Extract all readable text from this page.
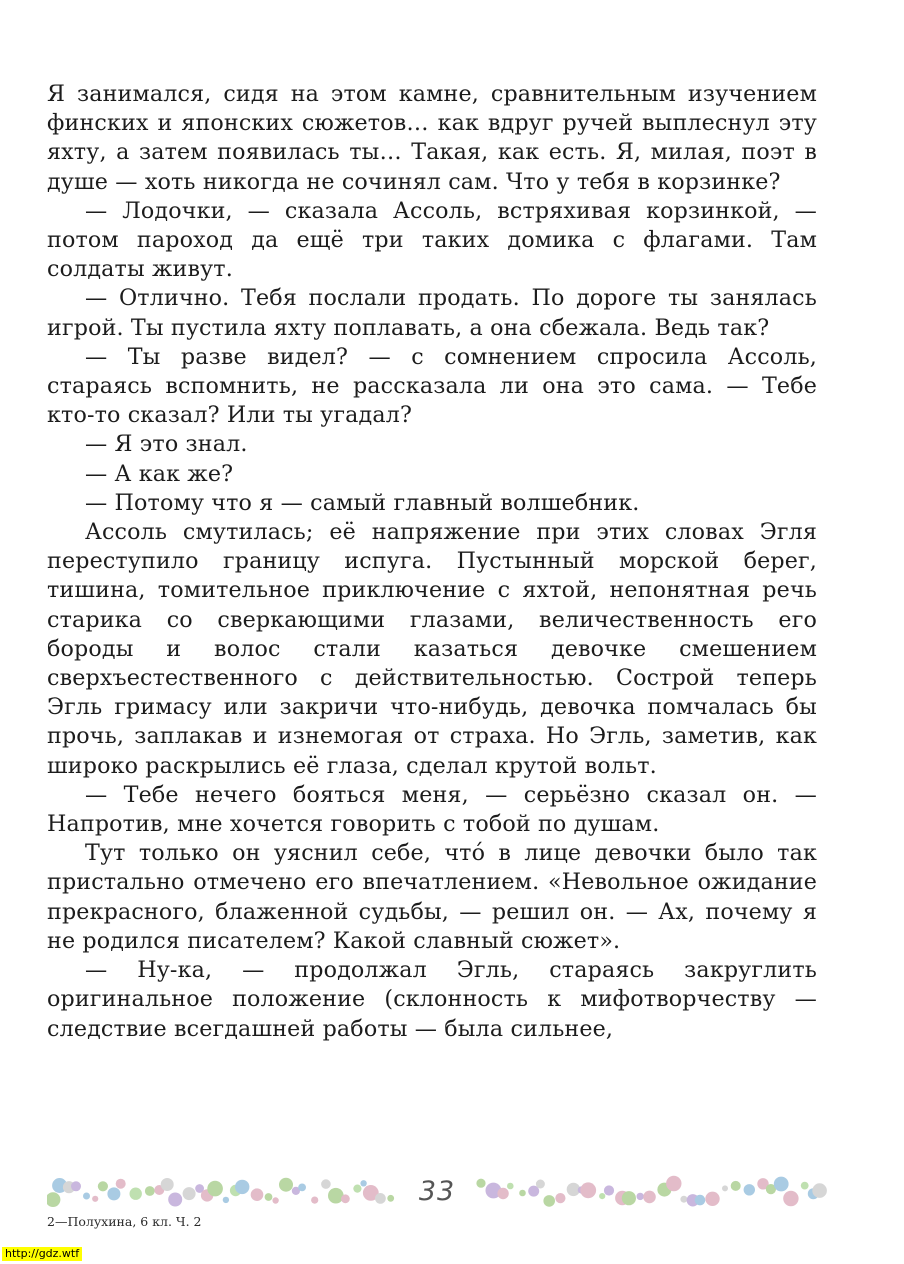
Я занимался, сидя на этом камне, сравнительным изучением финских и японских сюжетов… как вдруг ручей выплеснул эту яхту, а затем появилась ты… Такая, как есть. Я, милая, поэт в душе — хоть никогда не сочинял сам. Что у тебя в корзинке?

— Лодочки, — сказала Ассоль, встряхивая корзинкой, — потом пароход да ещё три таких домика с флагами. Там солдаты живут.

— Отлично. Тебя послали продать. По дороге ты занялась игрой. Ты пустила яхту поплавать, а она сбежала. Ведь так?

— Ты разве видел? — с сомнением спросила Ассоль, стараясь вспомнить, не рассказала ли она это сама. — Тебе кто-то сказал? Или ты угадал?

— Я это знал.

— А как же?

— Потому что я — самый главный волшебник.

Ассоль смутилась; её напряжение при этих словах Эгля переступило границу испуга. Пустынный морской берег, тишина, томительное приключение с яхтой, непонятная речь старика со сверкающими глазами, величественность его бороды и волос стали казаться девочке смешением сверхъестественного с действительностью. Сострой теперь Эгль гримасу или закричи что-нибудь, девочка помчалась бы прочь, заплакав и изнемогая от страха. Но Эгль, заметив, как широко раскрылись её глаза, сделал крутой вольт.

— Тебе нечего бояться меня, — серьёзно сказал он. — Напротив, мне хочется говорить с тобой по душам.

Тут только он уяснил себе, что́ в лице девочки было так пристально отмечено его впечатлением. «Невольное ожидание прекрасного, блаженной судьбы, — решил он. — Ах, почему я не родился писателем? Какой славный сюжет».

— Ну-ка, — продолжал Эгль, стараясь закруглить оригинальное положение (склонность к мифотворчеству — следствие всегдашней работы — была сильнее,

33
2—Полухина, 6 кл. Ч. 2
http://gdz.wtf
